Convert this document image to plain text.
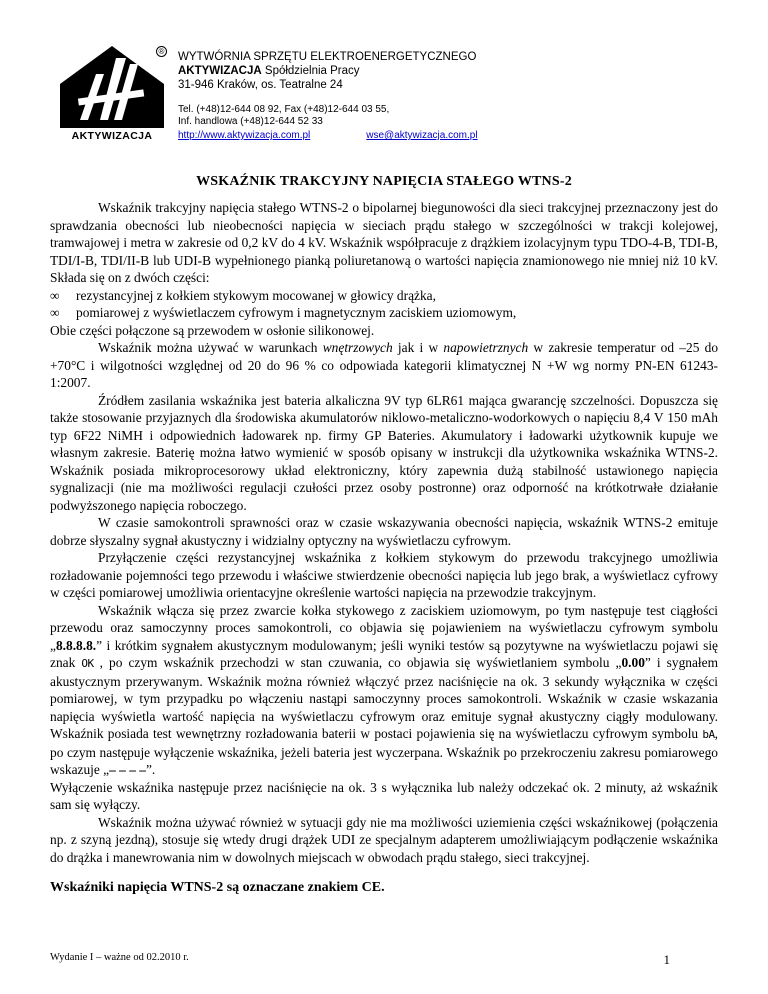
®
AKTYWIZACJA
WYTWÓRNIA SPRZĘTU ELEKTROENERGETYCZNEGO
AKTYWIZACJA Spółdzielnia Pracy
31-946 Kraków, os. Teatralne 24
Tel. (+48)12-644 08 92, Fax (+48)12-644 03 55,
Inf. handlowa (+48)12-644 52 33
http://www.aktywizacja.com.pl	wse@aktywizacja.com.pl
WSKAŹNIK TRAKCYJNY NAPIĘCIA STAŁEGO WTNS-2

Wskaźnik trakcyjny napięcia stałego WTNS-2 o bipolarnej biegunowości dla sieci trakcyjnej przeznaczony jest do sprawdzania obecności lub nieobecności napięcia w sieciach prądu stałego w szczególności w trakcji kolejowej, tramwajowej i metra w zakresie od 0,2 kV do 4 kV. Wskaźnik współpracuje z drążkiem izolacyjnym typu TDO-4-B, TDI-B, TDI/I-B, TDI/II-B lub UDI-B wypełnionego pianką poliuretanową o wartości napięcia znamionowego nie mniej niż 10 kV. Składa się on z dwóch części:

∞ rezystancyjnej z kołkiem stykowym mocowanej w głowicy drążka,

∞ pomiarowej z wyświetlaczem cyfrowym i magnetycznym zaciskiem uziomowym,

Obie części połączone są przewodem w osłonie silikonowej.

Wskaźnik można używać w warunkach wnętrzowych jak i w napowietrznych w zakresie temperatur od –25 do +70°C i wilgotności względnej od 20 do 96 % co odpowiada kategorii klimatycznej N +W wg normy PN-EN 61243-1:2007.

Źródłem zasilania wskaźnika jest bateria alkaliczna 9V typ 6LR61 mająca gwarancję szczelności. Dopuszcza się także stosowanie przyjaznych dla środowiska akumulatorów niklowo-metaliczno-wodorkowych o napięciu 8,4 V 150 mAh typ 6F22 NiMH i odpowiednich ładowarek np. firmy GP Bateries. Akumulatory i ładowarki użytkownik kupuje we własnym zakresie. Baterię można łatwo wymienić w sposób opisany w instrukcji dla użytkownika wskaźnika WTNS-2. Wskaźnik posiada mikroprocesorowy układ elektroniczny, który zapewnia dużą stabilność ustawionego napięcia sygnalizacji (nie ma możliwości regulacji czułości przez osoby postronne) oraz odporność na krótkotrwałe działanie podwyższonego napięcia roboczego.

W czasie samokontroli sprawności oraz w czasie wskazywania obecności napięcia, wskaźnik WTNS-2 emituje dobrze słyszalny sygnał akustyczny i widzialny optyczny na wyświetlaczu cyfrowym.

Przyłączenie części rezystancyjnej wskaźnika z kołkiem stykowym do przewodu trakcyjnego umożliwia rozładowanie pojemności tego przewodu i właściwe stwierdzenie obecności napięcia lub jego brak, a wyświetlacz cyfrowy w części pomiarowej umożliwia orientacyjne określenie wartości napięcia na przewodzie trakcyjnym.

Wskaźnik włącza się przez zwarcie kołka stykowego z zaciskiem uziomowym, po tym następuje test ciągłości przewodu oraz samoczynny proces samokontroli, co objawia się pojawieniem na wyświetlaczu cyfrowym symbolu „8.8.8.8.” i krótkim sygnałem akustycznym modulowanym; jeśli wyniki testów są pozytywne na wyświetlaczu pojawi się znak OK , po czym wskaźnik przechodzi w stan czuwania, co objawia się wyświetlaniem symbolu „0.00” i sygnałem akustycznym przerywanym. Wskaźnik można również włączyć przez naciśnięcie na ok. 3 sekundy wyłącznika w części pomiarowej, w tym przypadku po włączeniu nastąpi samoczynny proces samokontroli. Wskaźnik w czasie wskazania napięcia wyświetla wartość napięcia na wyświetlaczu cyfrowym oraz emituje sygnał akustyczny ciągły modulowany. Wskaźnik posiada test wewnętrzny rozładowania baterii w postaci pojawienia się na wyświetlaczu cyfrowym symbolu bA, po czym następuje wyłączenie wskaźnika, jeżeli bateria jest wyczerpana. Wskaźnik po przekroczeniu zakresu pomiarowego wskazuje „– – – –”.

Wyłączenie wskaźnika następuje przez naciśnięcie na ok. 3 s wyłącznika lub należy odczekać ok. 2 minuty, aż wskaźnik sam się wyłączy.

Wskaźnik można używać również w sytuacji gdy nie ma możliwości uziemienia części wskaźnikowej (połączenia np. z szyną jezdną), stosuje się wtedy drugi drążek UDI ze specjalnym adapterem umożliwiającym podłączenie wskaźnika do drążka i manewrowania nim w dowolnych miejscach w obwodach prądu stałego, sieci trakcyjnej.

Wskaźniki napięcia WTNS-2 są oznaczane znakiem CE.
Wydanie I – ważne od 02.2010 r.	1
